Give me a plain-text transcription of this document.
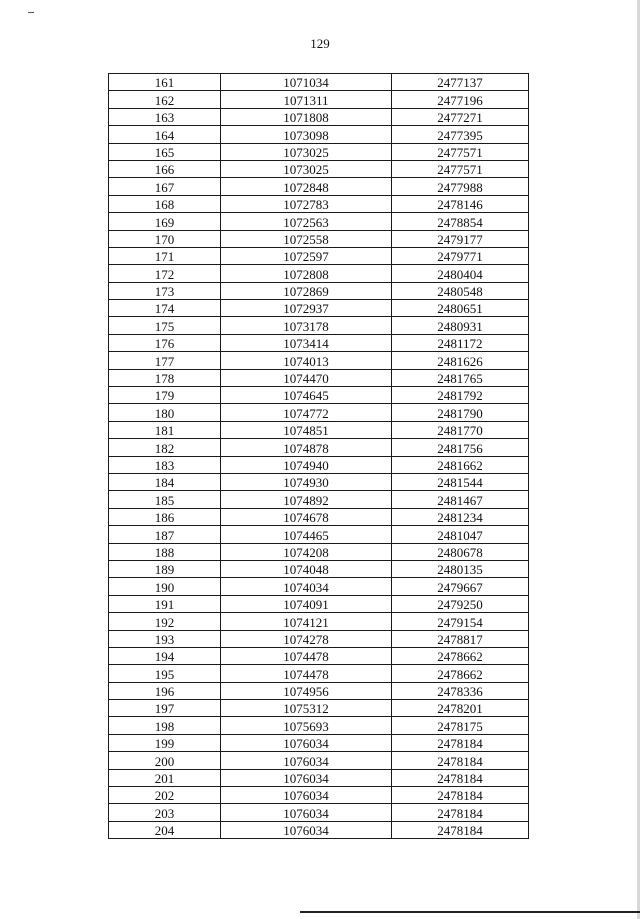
129
161	1071034	2477137
162	1071311	2477196
163	1071808	2477271
164	1073098	2477395
165	1073025	2477571
166	1073025	2477571
167	1072848	2477988
168	1072783	2478146
169	1072563	2478854
170	1072558	2479177
171	1072597	2479771
172	1072808	2480404
173	1072869	2480548
174	1072937	2480651
175	1073178	2480931
176	1073414	2481172
177	1074013	2481626
178	1074470	2481765
179	1074645	2481792
180	1074772	2481790
181	1074851	2481770
182	1074878	2481756
183	1074940	2481662
184	1074930	2481544
185	1074892	2481467
186	1074678	2481234
187	1074465	2481047
188	1074208	2480678
189	1074048	2480135
190	1074034	2479667
191	1074091	2479250
192	1074121	2479154
193	1074278	2478817
194	1074478	2478662
195	1074478	2478662
196	1074956	2478336
197	1075312	2478201
198	1075693	2478175
199	1076034	2478184
200	1076034	2478184
201	1076034	2478184
202	1076034	2478184
203	1076034	2478184
204	1076034	2478184
